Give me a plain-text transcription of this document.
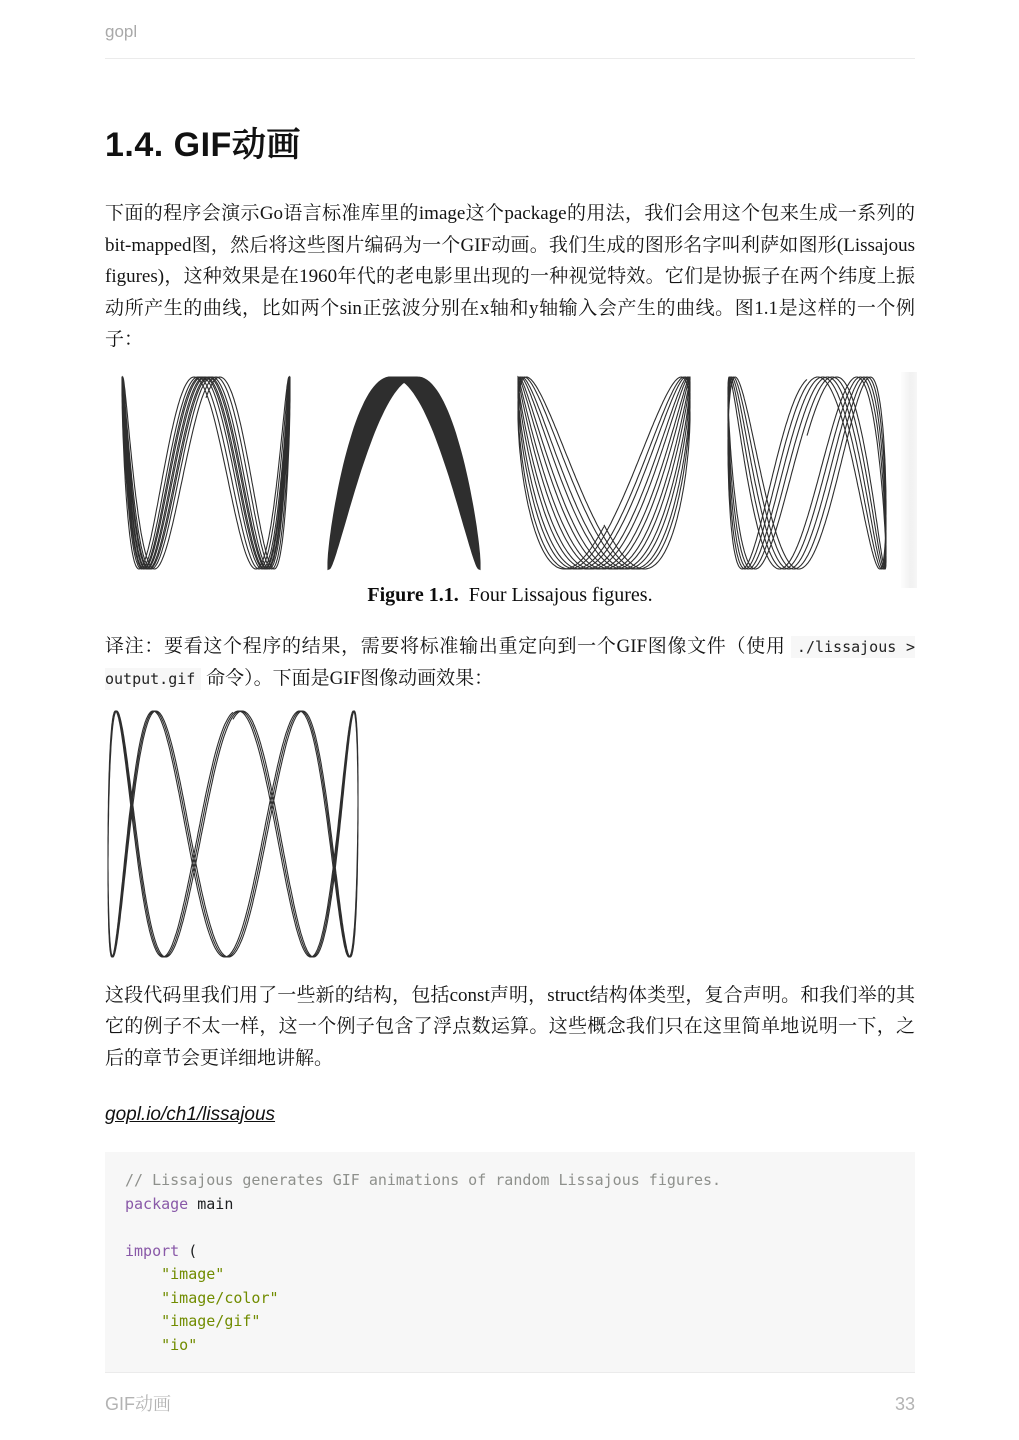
gopl
1.4. GIF动画

下面的程序会演示Go语言标准库里的image这个package的用法，我们会用这个包来生成一系列的bit-mapped图，然后将这些图片编码为一个GIF动画。我们生成的图形名字叫利萨如图形(Lissajous figures)，这种效果是在1960年代的老电影里出现的一种视觉特效。它们是协振子在两个纬度上振动所产生的曲线，比如两个sin正弦波分别在x轴和y轴输入会产生的曲线。图1.1是这样的一个例子：

Figure 1.1. Four Lissajous figures.

译注：要看这个程序的结果，需要将标准输出重定向到一个GIF图像文件（使用 ./lissajous > output.gif 命令）。下面是GIF图像动画效果：

这段代码里我们用了一些新的结构，包括const声明，struct结构体类型，复合声明。和我们举的其它的例子不太一样，这一个例子包含了浮点数运算。这些概念我们只在这里简单地说明一下，之后的章节会更详细地讲解。

gopl.io/ch1/lissajous
// Lissajous generates GIF animations of random Lissajous figures.
package main

import (
"image"
"image/color"
"image/gif"
"io"
GIF动画	33
